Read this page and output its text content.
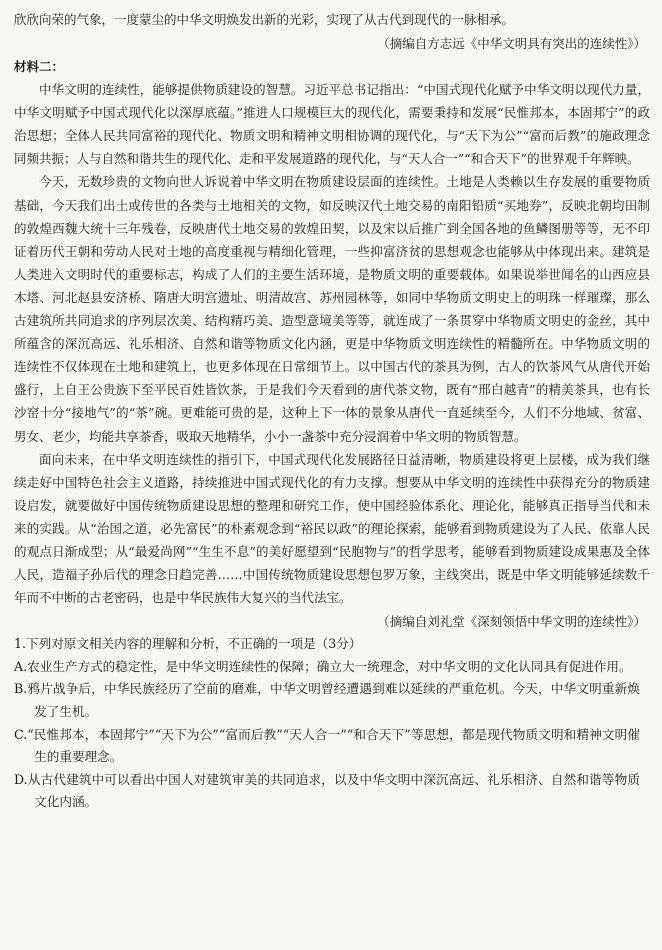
欣欣向荣的气象，一度蒙尘的中华文明焕发出新的光彩，实现了从古代到现代的一脉相承。

（摘编自方志远《中华文明具有突出的连续性》）

材料二：

中华文明的连续性，能够提供物质建设的智慧。习近平总书记指出：“中国式现代化赋予中华文明以现代力量，中华文明赋予中国式现代化以深厚底蕴。”推进人口规模巨大的现代化，需要秉持和发展“民惟邦本，本固邦宁”的政治思想；全体人民共同富裕的现代化、物质文明和精神文明相协调的现代化，与“天下为公”“富而后教”的施政理念同频共振；人与自然和谐共生的现代化、走和平发展道路的现代化，与“天人合一”“和合天下”的世界观千年辉映。

今天，无数珍贵的文物向世人诉说着中华文明在物质建设层面的连续性。土地是人类赖以生存发展的重要物质基础，今天我们出土或传世的各类与土地相关的文物，如反映汉代土地交易的南阳铅质“买地券”，反映北朝均田制的敦煌西魏大统十三年残卷，反映唐代土地交易的敦煌田契，以及宋以后推广到全国各地的鱼鳞图册等等，无不印证着历代王朝和劳动人民对土地的高度重视与精细化管理，一些抑富济贫的思想观念也能够从中体现出来。建筑是人类进入文明时代的重要标志，构成了人们的主要生活环境，是物质文明的重要载体。如果说举世闻名的山西应县木塔、河北赵县安济桥、隋唐大明宫遗址、明清故宫、苏州园林等，如同中华物质文明史上的明珠一样璀璨，那么古建筑所共同追求的序列层次美、结构精巧美、造型意境美等等，就连成了一条贯穿中华物质文明史的金丝，其中所蕴含的深沉高远、礼乐相济、自然和谐等物质文化内涵，更是中华物质文明连续性的精髓所在。中华物质文明的连续性不仅体现在土地和建筑上，也更多体现在日常细节上。以中国古代的茶具为例，古人的饮茶风气从唐代开始盛行，上自王公贵族下至平民百姓皆饮茶，于是我们今天看到的唐代茶文物，既有“邢白越青”的精美茶具，也有长沙窑十分“接地气”的“茶”碗。更难能可贵的是，这种上下一体的景象从唐代一直延续至今，人们不分地域、贫富、男女、老少，均能共享茶香，吸取天地精华，小小一盏茶中充分浸润着中华文明的物质智慧。

面向未来，在中华文明连续性的指引下，中国式现代化发展路径日益清晰，物质建设将更上层楼，成为我们继续走好中国特色社会主义道路，持续推进中国式现代化的有力支撑。想要从中华文明的连续性中获得充分的物质建设启发，就要做好中国传统物质建设思想的整理和研究工作，使中国经验体系化、理论化，能够真正指导当代和未来的实践。从“治国之道，必先富民”的朴素观念到“裕民以政”的理论探索，能够看到物质建设为了人民、依靠人民的观点日渐成型；从“最爱尚网”“生生不息”的美好愿望到“民胞物与”的哲学思考，能够看到物质建设成果惠及全体人民，造福子孙后代的理念日趋完善……中国传统物质建设思想包罗万象，主线突出，既是中华文明能够延续数千年而不中断的古老密码，也是中华民族伟大复兴的当代法宝。

（摘编自刘礼堂《深刻领悟中华文明的连续性》）

1.下列对原文相关内容的理解和分析，不正确的一项是（3分）

A.农业生产方式的稳定性，是中华文明连续性的保障；确立大一统理念，对中华文明的文化认同具有促进作用。

B.鸦片战争后，中华民族经历了空前的磨难，中华文明曾经遭遇到难以延续的严重危机。今天，中华文明重新焕发了生机。

C.“民惟邦本，本固邦宁”“天下为公”“富而后教”“天人合一”“和合天下”等思想，都是现代物质文明和精神文明催生的重要理念。

D.从古代建筑中可以看出中国人对建筑审美的共同追求，以及中华文明中深沉高远、礼乐相济、自然和谐等物质文化内涵。
